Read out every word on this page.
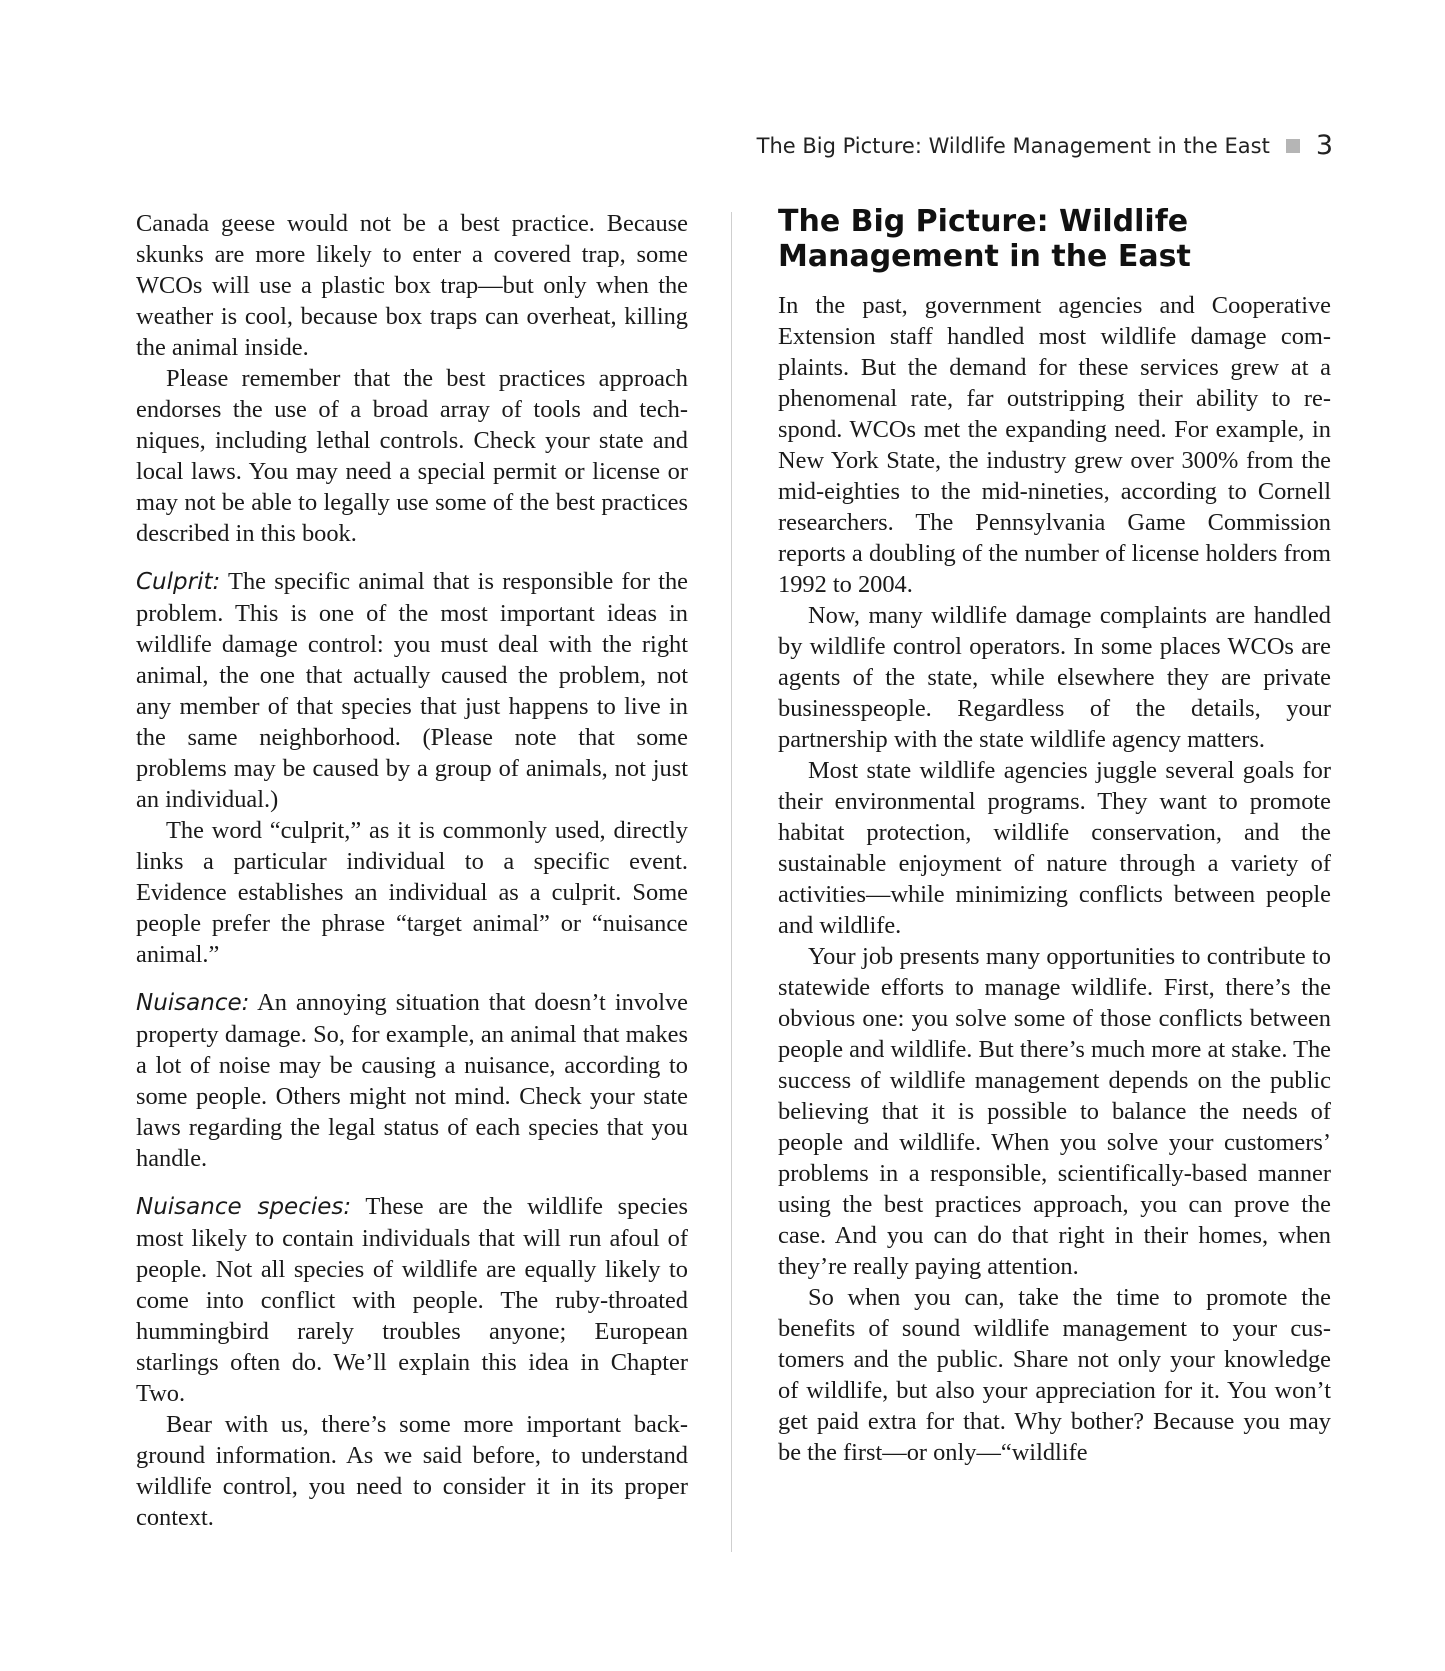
The Big Picture: Wildlife Management in the East 3

Canada geese would not be a best practice. Because skunks are more likely to enter a covered trap, some WCOs will use a plastic box trap—but only when the weather is cool, because box traps can overheat, killing the animal inside.

Please remember that the best practices approach endorses the use of a broad array of tools and techniques, including lethal controls. Check your state and local laws. You may need a special permit or license or may not be able to legally use some of the best practices described in this book.

Culprit: The specific animal that is responsible for the problem. This is one of the most important ideas in wildlife damage control: you must deal with the right animal, the one that actually caused the problem, not any member of that species that just happens to live in the same neighborhood. (Please note that some problems may be caused by a group of animals, not just an individual.)

The word “culprit,” as it is commonly used, directly links a particular individual to a specific event. Evidence establishes an individual as a culprit. Some people prefer the phrase “target animal” or “nuisance animal.”

Nuisance: An annoying situation that doesn’t involve property damage. So, for example, an animal that makes a lot of noise may be causing a nuisance, according to some people. Others might not mind. Check your state laws regarding the legal status of each species that you handle.

Nuisance species: These are the wildlife species most likely to contain individuals that will run afoul of people. Not all species of wildlife are equally likely to come into conflict with people. The ruby-throated hummingbird rarely troubles anyone; European starlings often do. We’ll explain this idea in Chapter Two.

Bear with us, there’s some more important background information. As we said before, to understand wildlife control, you need to consider it in its proper context.

The Big Picture: Wildlife Management in the East

In the past, government agencies and Cooperative Extension staff handled most wildlife damage complaints. But the demand for these services grew at a phenomenal rate, far outstripping their ability to respond. WCOs met the expanding need. For example, in New York State, the industry grew over 300% from the mid-eighties to the mid-nineties, according to Cornell researchers. The Pennsylvania Game Commission reports a doubling of the number of license holders from 1992 to 2004.

Now, many wildlife damage complaints are handled by wildlife control operators. In some places WCOs are agents of the state, while elsewhere they are private businesspeople. Regardless of the details, your partnership with the state wildlife agency matters.

Most state wildlife agencies juggle several goals for their environmental programs. They want to promote habitat protection, wildlife conservation, and the sustainable enjoyment of nature through a variety of activities—while minimizing conflicts between people and wildlife.

Your job presents many opportunities to contribute to statewide efforts to manage wildlife. First, there’s the obvious one: you solve some of those conflicts between people and wildlife. But there’s much more at stake. The success of wildlife management depends on the public believing that it is possible to balance the needs of people and wildlife. When you solve your customers’ problems in a responsible, scientifically-based manner using the best practices approach, you can prove the case. And you can do that right in their homes, when they’re really paying attention.

So when you can, take the time to promote the benefits of sound wildlife management to your customers and the public. Share not only your knowledge of wildlife, but also your appreciation for it. You won’t get paid extra for that. Why bother? Because you may be the first—or only—“wildlife
